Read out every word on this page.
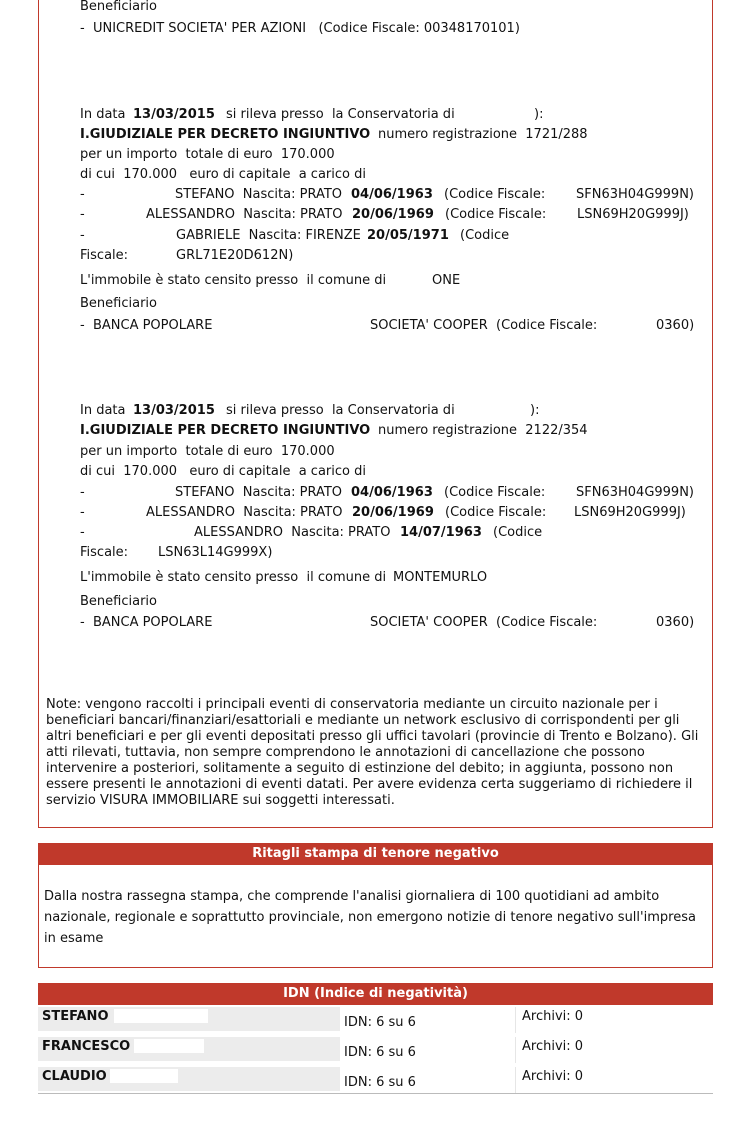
Beneficiario
-  UNICREDIT SOCIETA' PER AZIONI   (Codice Fiscale: 00348170101)
In data 13/03/2015 si rileva presso  la Conservatoria di	):
I.GIUDIZIALE PER DECRETO INGIUNTIVO numero registrazione  1721/288
per un importo  totale di euro  170.000
di cui  170.000   euro di capitale  a carico di
-	STEFANO  Nascita: PRATO 04/06/1963 (Codice Fiscale: SFN63H04G999N)
-	ALESSANDRO  Nascita: PRATO 20/06/1969 (Codice Fiscale: LSN69H20G999J)
-	GABRIELE  Nascita: FIRENZE 20/05/1971 (Codice
Fiscale:	GRL71E20D612N)
L'immobile è stato censito presso  il comune di	ONE
Beneficiario
-  BANCA POPOLARE	SOCIETA' COOPER  (Codice Fiscale:	0360)
In data 13/03/2015 si rileva presso  la Conservatoria di	):
I.GIUDIZIALE PER DECRETO INGIUNTIVO numero registrazione  2122/354
per un importo  totale di euro  170.000
di cui  170.000   euro di capitale  a carico di
-	STEFANO  Nascita: PRATO 04/06/1963 (Codice Fiscale: SFN63H04G999N)
-	ALESSANDRO  Nascita: PRATO 20/06/1969 (Codice Fiscale: LSN69H20G999J)
-	ALESSANDRO  Nascita: PRATO 14/07/1963 (Codice
Fiscale: LSN63L14G999X)
L'immobile è stato censito presso  il comune di MONTEMURLO
Beneficiario
-  BANCA POPOLARE	SOCIETA' COOPER  (Codice Fiscale:	0360)
Note: vengono raccolti i principali eventi di conservatoria mediante un circuito nazionale per i beneficiari bancari/finanziari/esattoriali e mediante un network esclusivo di corrispondenti per gli altri beneficiari e per gli eventi depositati presso gli uffici tavolari (provincie di Trento e Bolzano). Gli atti rilevati, tuttavia, non sempre comprendono le annotazioni di cancellazione che possono intervenire a posteriori, solitamente a seguito di estinzione del debito; in aggiunta, possono non essere presenti le annotazioni di eventi datati. Per avere evidenza certa suggeriamo di richiedere il servizio VISURA IMMOBILIARE sui soggetti interessati.
Ritagli stampa di tenore negativo
Dalla nostra rassegna stampa, che comprende l'analisi giornaliera di 100 quotidiani ad ambito nazionale, regionale e soprattutto provinciale, non emergono notizie di tenore negativo sull'impresa in esame
IDN (Indice di negatività)
STEFANO	IDN: 6 su 6	Archivi: 0
FRANCESCO	IDN: 6 su 6	Archivi: 0
CLAUDIO	IDN: 6 su 6	Archivi: 0
